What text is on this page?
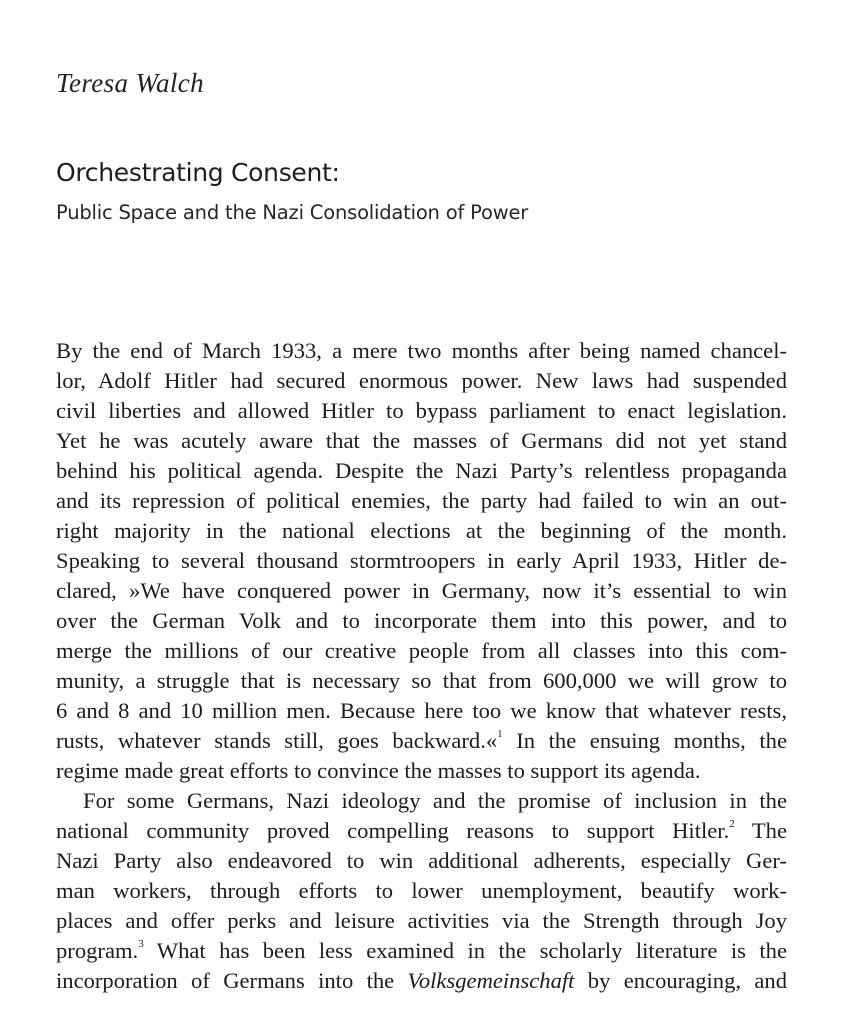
Teresa Walch
Orchestrating Consent:
Public Space and the Nazi Consolidation of Power
By the end of March 1933, a mere two months after being named chancel-
lor, Adolf Hitler had secured enormous power. New laws had suspended
civil liberties and allowed Hitler to bypass parliament to enact legislation.
Yet he was acutely aware that the masses of Germans did not yet stand
behind his political agenda. Despite the Nazi Party’s relentless propaganda
and its repression of political enemies, the party had failed to win an out-
right majority in the national elections at the beginning of the month.
Speaking to several thousand stormtroopers in early April 1933, Hitler de-
clared, »We have conquered power in Germany, now it’s essential to win
over the German Volk and to incorporate them into this power, and to
merge the millions of our creative people from all classes into this com-
munity, a struggle that is necessary so that from 600,000 we will grow to
6 and 8 and 10 million men. Because here too we know that whatever rests,
rusts, whatever stands still, goes backward.«$^1$ In the ensuing months, the
regime made great efforts to convince the masses to support its agenda.
For some Germans, Nazi ideology and the promise of inclusion in the
national community proved compelling reasons to support Hitler.$^2$ The
Nazi Party also endeavored to win additional adherents, especially Ger-
man workers, through efforts to lower unemployment, beautify work-
places and offer perks and leisure activities via the Strength through Joy
program.$^3$ What has been less examined in the scholarly literature is the
incorporation of Germans into the Volksgemeinschaft by encouraging, and
